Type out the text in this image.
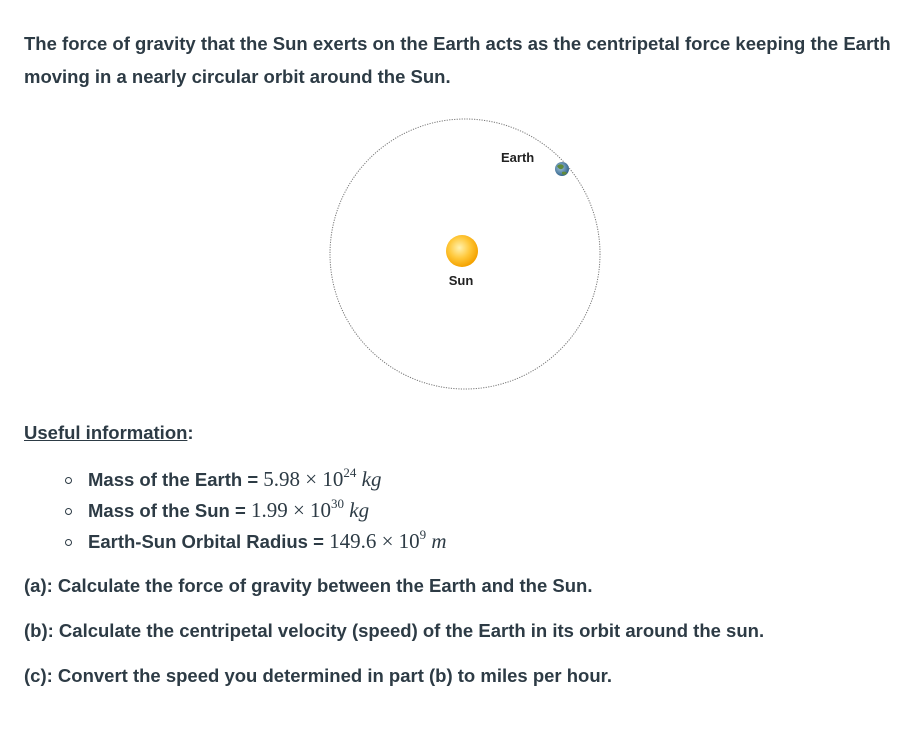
The force of gravity that the Sun exerts on the Earth acts as the centripetal force keeping the Earth moving in a nearly circular orbit around the Sun.

Sun
Earth

Useful information:

Mass of the Earth = $5.98 \times 10^{24}$ kg
Mass of the Sun = $1.99 \times 10^{30}$ kg
Earth-Sun Orbital Radius = $149.6 \times 10^9$ m

(a): Calculate the force of gravity between the Earth and the Sun.

(b): Calculate the centripetal velocity (speed) of the Earth in its orbit around the sun.

(c): Convert the speed you determined in part (b) to miles per hour.
